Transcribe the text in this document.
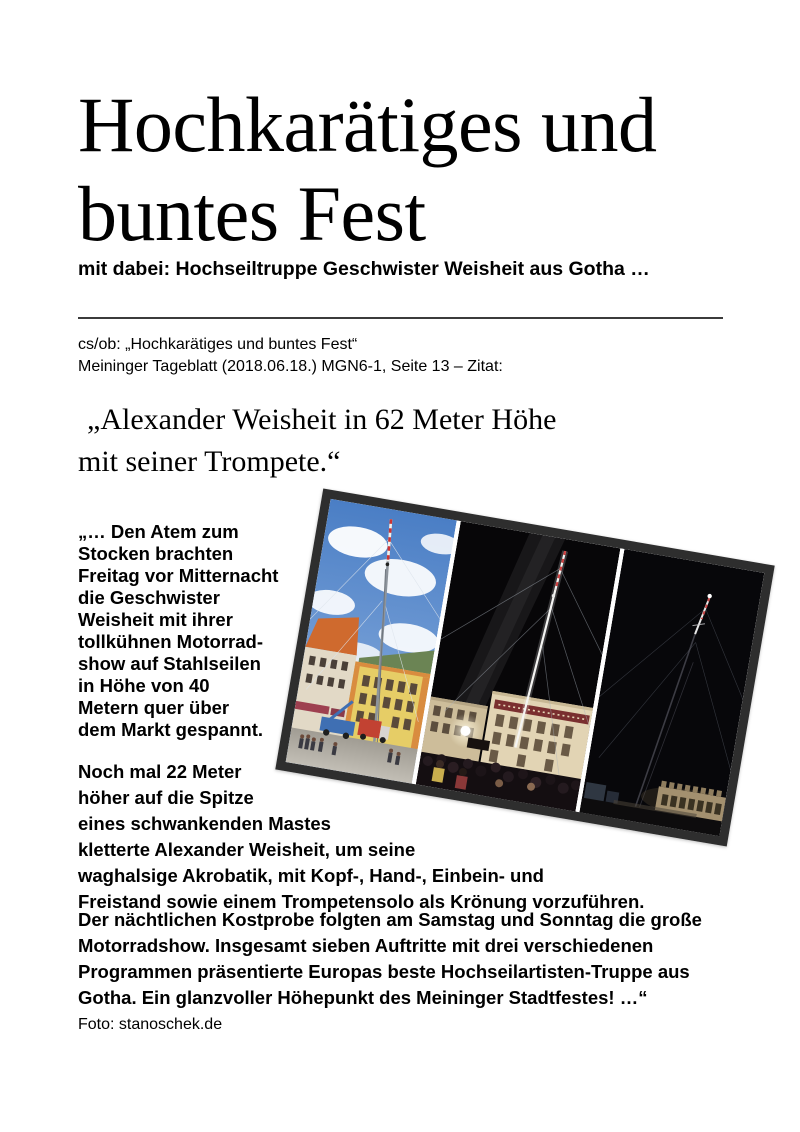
Hochkarätiges und
buntes Fest
mit dabei: Hochseiltruppe Geschwister Weisheit aus Gotha …
cs/ob: „Hochkarätiges und buntes Fest“
Meininger Tageblatt (2018.06.18.) MGN6-1, Seite 13 – Zitat:
„Alexander Weisheit in 62 Meter Höhe
mit seiner Trompete.“
„… Den Atem zum
Stocken brachten
Freitag vor Mitternacht
die Geschwister
Weisheit mit ihrer
tollkühnen Motorrad-
show auf Stahlseilen
in Höhe von 40
Metern quer über
dem Markt gespannt.
Noch mal 22 Meter
höher auf die Spitze
eines schwankenden Mastes
kletterte Alexander Weisheit, um seine
waghalsige Akrobatik, mit Kopf-, Hand-, Einbein- und
Freistand sowie einem Trompetensolo als Krönung vorzuführen.
Der nächtlichen Kostprobe folgten am Samstag und Sonntag die große
Motorradshow. Insgesamt sieben Auftritte mit drei verschiedenen
Programmen präsentierte Europas beste Hochseilartisten-Truppe aus
Gotha. Ein glanzvoller Höhepunkt des Meininger Stadtfestes! …“
Foto: stanoschek.de
